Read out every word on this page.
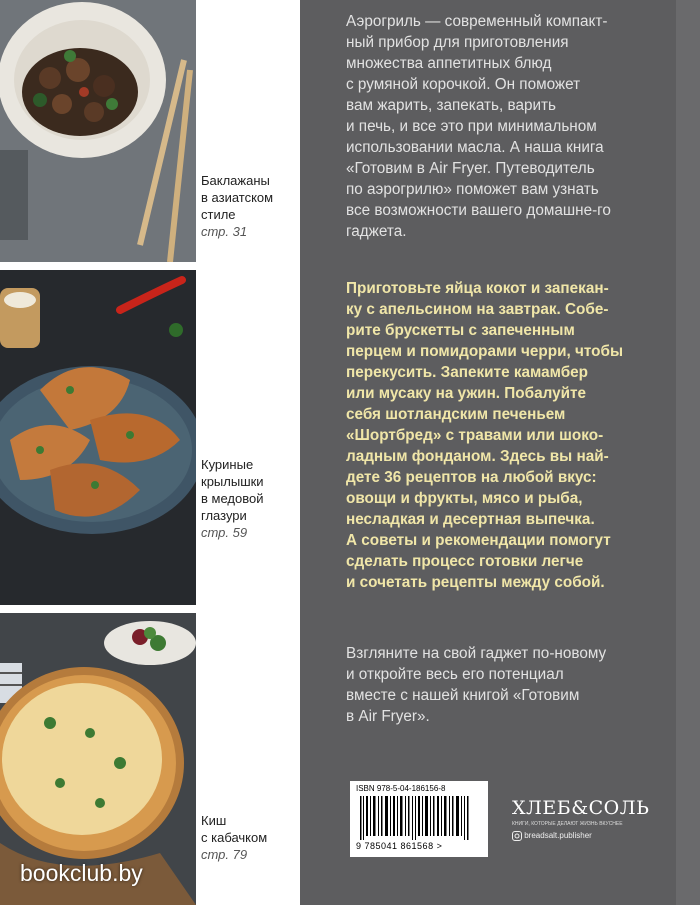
Баклажаны
в азиатском
стиле
стр. 31
Куриные
крылышки
в медовой
глазури
стр. 59
Киш
с кабачком
стр. 79
Аэрогриль — современный компакт-
ный прибор для приготовления
множества аппетитных блюд
с румяной корочкой. Он поможет
вам жарить, запекать, варить
и печь, и все это при минимальном
использовании масла. А наша книга
«Готовим в Air Fryer. Путеводитель
по аэрогрилю» поможет вам узнать
все возможности вашего домашне-го
гаджета.
Приготовьте яйца кокот и запекан-
ку с апельсином на завтрак. Собе-
рите брускетты с запеченным
перцем и помидорами черри, чтобы
перекусить. Запеките камамбер
или мусаку на ужин. Побалуйте
себя шотландским печеньем
«Шортбред» с травами или шоко-
ладным фонданом. Здесь вы най-
дете 36 рецептов на любой вкус:
овощи и фрукты, мясо и рыба,
несладкая и десертная выпечка.
А советы и рекомендации помогут
сделать процесс готовки легче
и сочетать рецепты между собой.
Взгляните на свой гаджет по-новому
и откройте весь его потенциал
вместе с нашей книгой «Готовим
в Air Fryer».
ISBN 978-5-04-186156-8
9 785041 861568 >
ХЛЕБ&СОЛЬ
КНИГИ, КОТОРЫЕ ДЕЛАЮТ ЖИЗНЬ ВКУСНЕЕ
breadsalt.publisher
bookclub.by
